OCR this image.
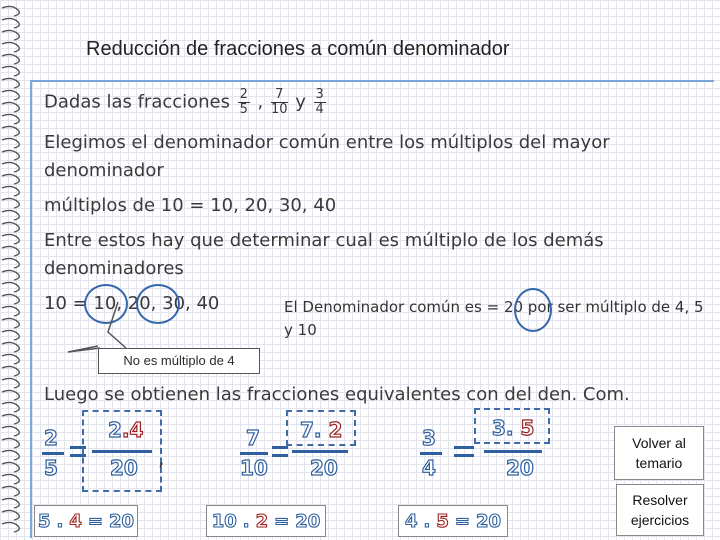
Reducción de fracciones a común denominador
Dadas las fracciones $\frac{2}{5}$ , $\frac{7}{10}$ y $\frac{3}{4}$
Elegimos el denominador común entre los múltiplos del mayor
denominador
múltiplos de 10 = 10, 20, 30, 40
Entre estos hay que determinar cual es múltiplo de los demás
denominadores
10 = 10, 20, 30, 40	El Denominador común es = 20 por ser múltiplo de 4, 5 y 10
No es múltiplo de 4
Luego se obtienen las fracciones equivalentes con del den. Com.
2
5
2.4
20 ,
7
10
7. 2
20
3
4
3. 5
20
5 . 4 = 20	10 . 2 = 20	4 . 5 = 20
Volver al
temario
Resolver
ejercicios
